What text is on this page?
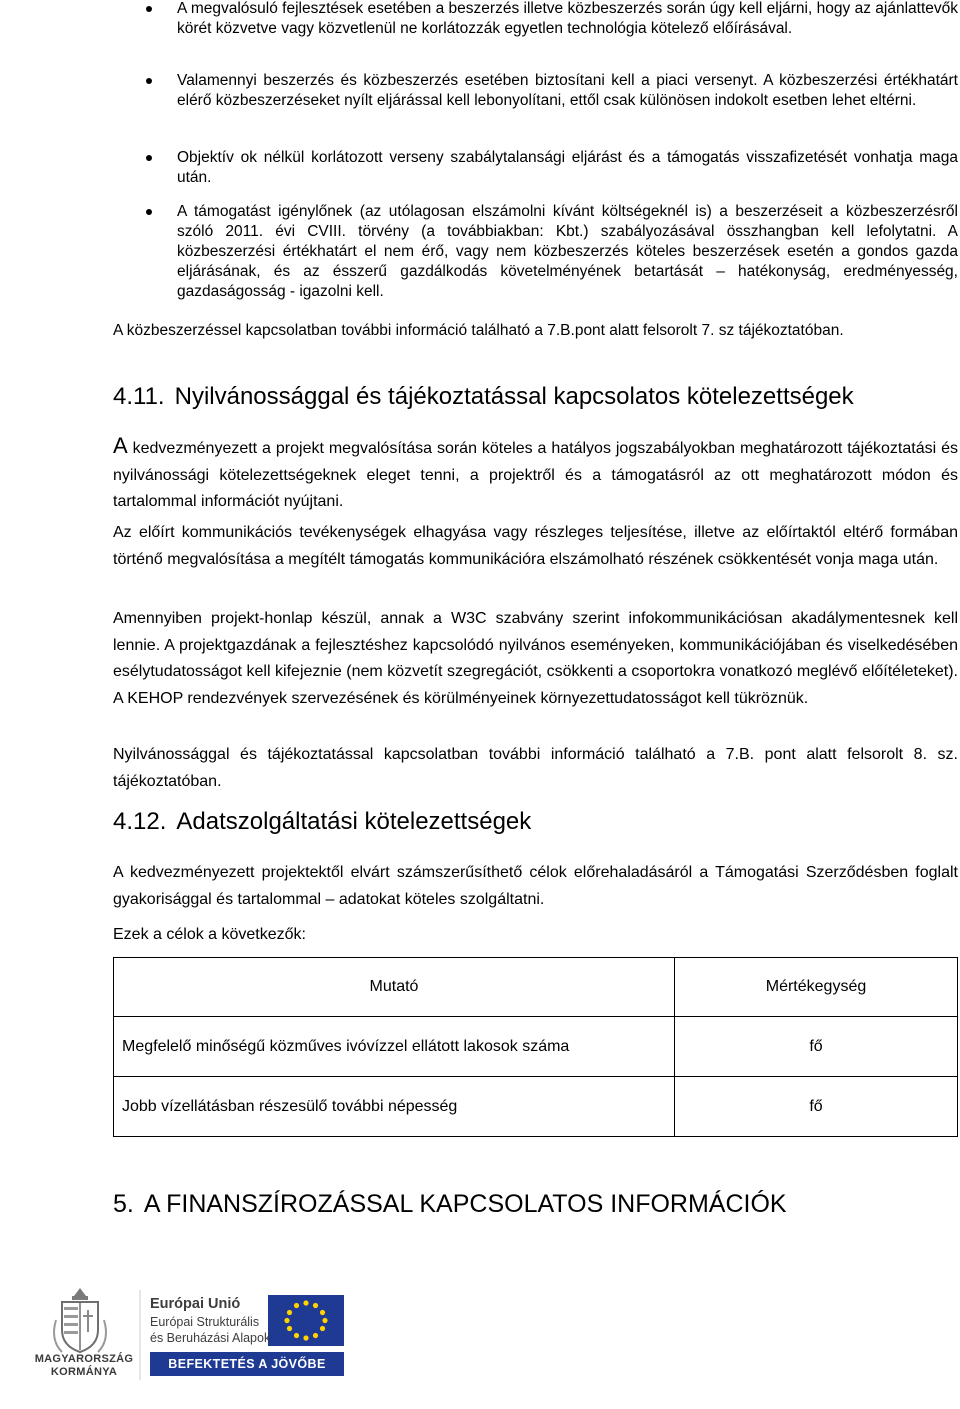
A megvalósuló fejlesztések esetében a beszerzés illetve közbeszerzés során úgy kell eljárni, hogy az ajánlattevők körét közvetve vagy közvetlenül ne korlátozzák egyetlen technológia kötelező előírásával.
Valamennyi beszerzés és közbeszerzés esetében biztosítani kell a piaci versenyt. A közbeszerzési értékhatárt elérő közbeszerzéseket nyílt eljárással kell lebonyolítani, ettől csak különösen indokolt esetben lehet eltérni.
Objektív ok nélkül korlátozott verseny szabálytalansági eljárást és a támogatás visszafizetését vonhatja maga után.
A támogatást igénylőnek (az utólagosan elszámolni kívánt költségeknél is) a beszerzéseit a közbeszerzésről szóló 2011. évi CVIII. törvény (a továbbiakban: Kbt.) szabályozásával összhangban kell lefolytatni. A közbeszerzési értékhatárt el nem érő, vagy nem közbeszerzés köteles beszerzések esetén a gondos gazda eljárásának, és az ésszerű gazdálkodás követelményének betartását – hatékonyság, eredményesség, gazdaságosság - igazolni kell.
A közbeszerzéssel kapcsolatban további információ található a 7.B.pont alatt felsorolt 7. sz tájékoztatóban.
4.11. Nyilvánossággal és tájékoztatással kapcsolatos kötelezettségek
A kedvezményezett a projekt megvalósítása során köteles a hatályos jogszabályokban meghatározott tájékoztatási és nyilvánossági kötelezettségeknek eleget tenni, a projektről és a támogatásról az ott meghatározott módon és tartalommal információt nyújtani.
Az előírt kommunikációs tevékenységek elhagyása vagy részleges teljesítése, illetve az előírtaktól eltérő formában történő megvalósítása a megítélt támogatás kommunikációra elszámolható részének csökkentését vonja maga után.
Amennyiben projekt-honlap készül, annak a W3C szabvány szerint infokommunikációsan akadálymentesnek kell lennie. A projektgazdának a fejlesztéshez kapcsolódó nyilvános eseményeken, kommunikációjában és viselkedésében esélytudatosságot kell kifejeznie (nem közvetít szegregációt, csökkenti a csoportokra vonatkozó meglévő előítéleteket). A KEHOP rendezvények szervezésének és körülményeinek környezettudatosságot kell tükröznük.
Nyilvánossággal és tájékoztatással kapcsolatban további információ található a 7.B. pont alatt felsorolt 8. sz. tájékoztatóban.
4.12. Adatszolgáltatási kötelezettségek
A kedvezményezett projektektől elvárt számszerűsíthető célok előrehaladásáról a Támogatási Szerződésben foglalt gyakorisággal és tartalommal – adatokat köteles szolgáltatni.
Ezek a célok a következők:
Mutató	Mértékegység
Megfelelő minőségű közműves ivóvízzel ellátott lakosok száma	fő
Jobb vízellátásban részesülő további népesség	fő
5. A FINANSZÍROZÁSSAL KAPCSOLATOS INFORMÁCIÓK
MAGYARORSZÁG
KORMÁNYA
Európai Unió
Európai Strukturális
és Beruházási Alapok
BEFEKTETÉS A JÖVŐBE
